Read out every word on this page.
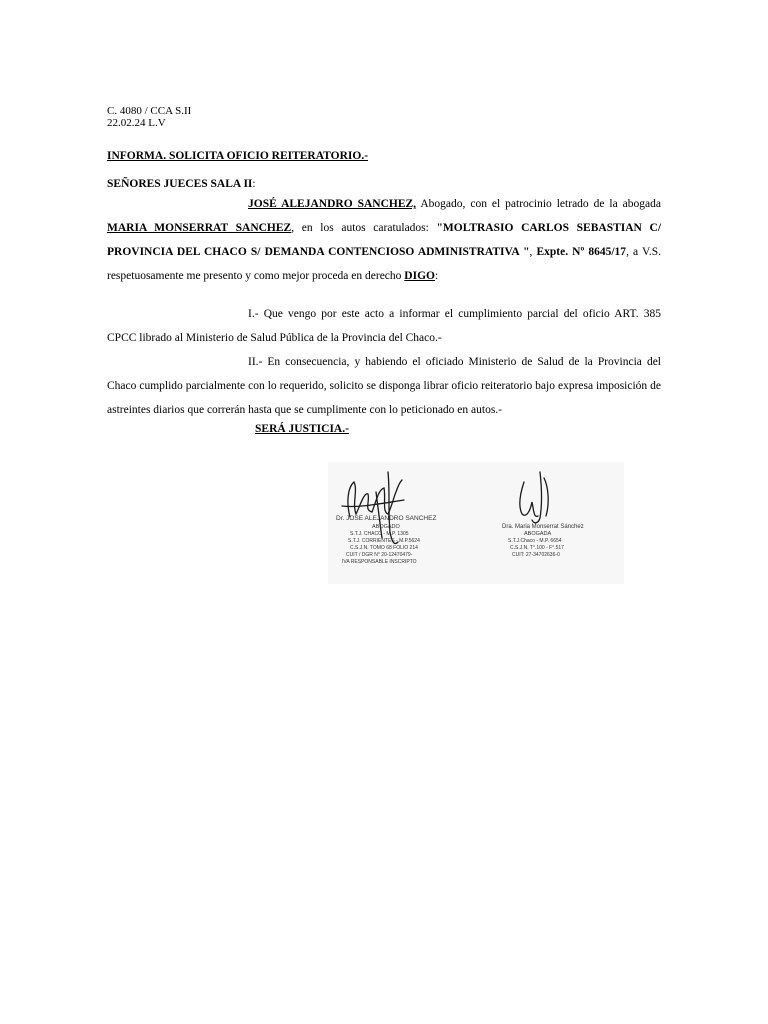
C. 4080 / CCA S.II
22.02.24 L.V
INFORMA. SOLICITA OFICIO REITERATORIO.-
SEÑORES JUECES SALA II:

JOSÉ ALEJANDRO SANCHEZ, Abogado, con el patrocinio letrado de la abogada MARIA MONSERRAT SANCHEZ, en los autos caratulados: "MOLTRASIO CARLOS SEBASTIAN C/ PROVINCIA DEL CHACO S/ DEMANDA CONTENCIOSO ADMINISTRATIVA ", Expte. Nº 8645/17, a V.S. respetuosamente me presento y como mejor proceda en derecho DIGO:

I.- Que vengo por este acto a informar el cumplimiento parcial del oficio ART. 385 CPCC librado al Ministerio de Salud Pública de la Provincia del Chaco.-

II.- En consecuencia, y habiendo el oficiado Ministerio de Salud de la Provincia del Chaco cumplido parcialmente con lo requerido, solicito se disponga librar oficio reiteratorio bajo expresa imposición de astreintes diarios que correrán hasta que se cumplimente con lo peticionado en autos.-

SERÁ JUSTICIA.-
Dr. JOSE ALEJANDRO SANCHEZ
ABOGADO
S.T.J. CHACO - M.P. 1305
S.T.J. CORRIENTES - M.P.5624
C.S.J.N. TOMO 68 FOLIO 214
CUIT / DGR N° 20-12470479-
IVA RESPONSABLE INSCRIPTO
Dra. Maria Monserrat Sánchez
ABOGADA
S.T.J.Chaco - M.P. 6654
C.S.J.N. T°.100 - F°.517
CUIT: 27-34702636-0
